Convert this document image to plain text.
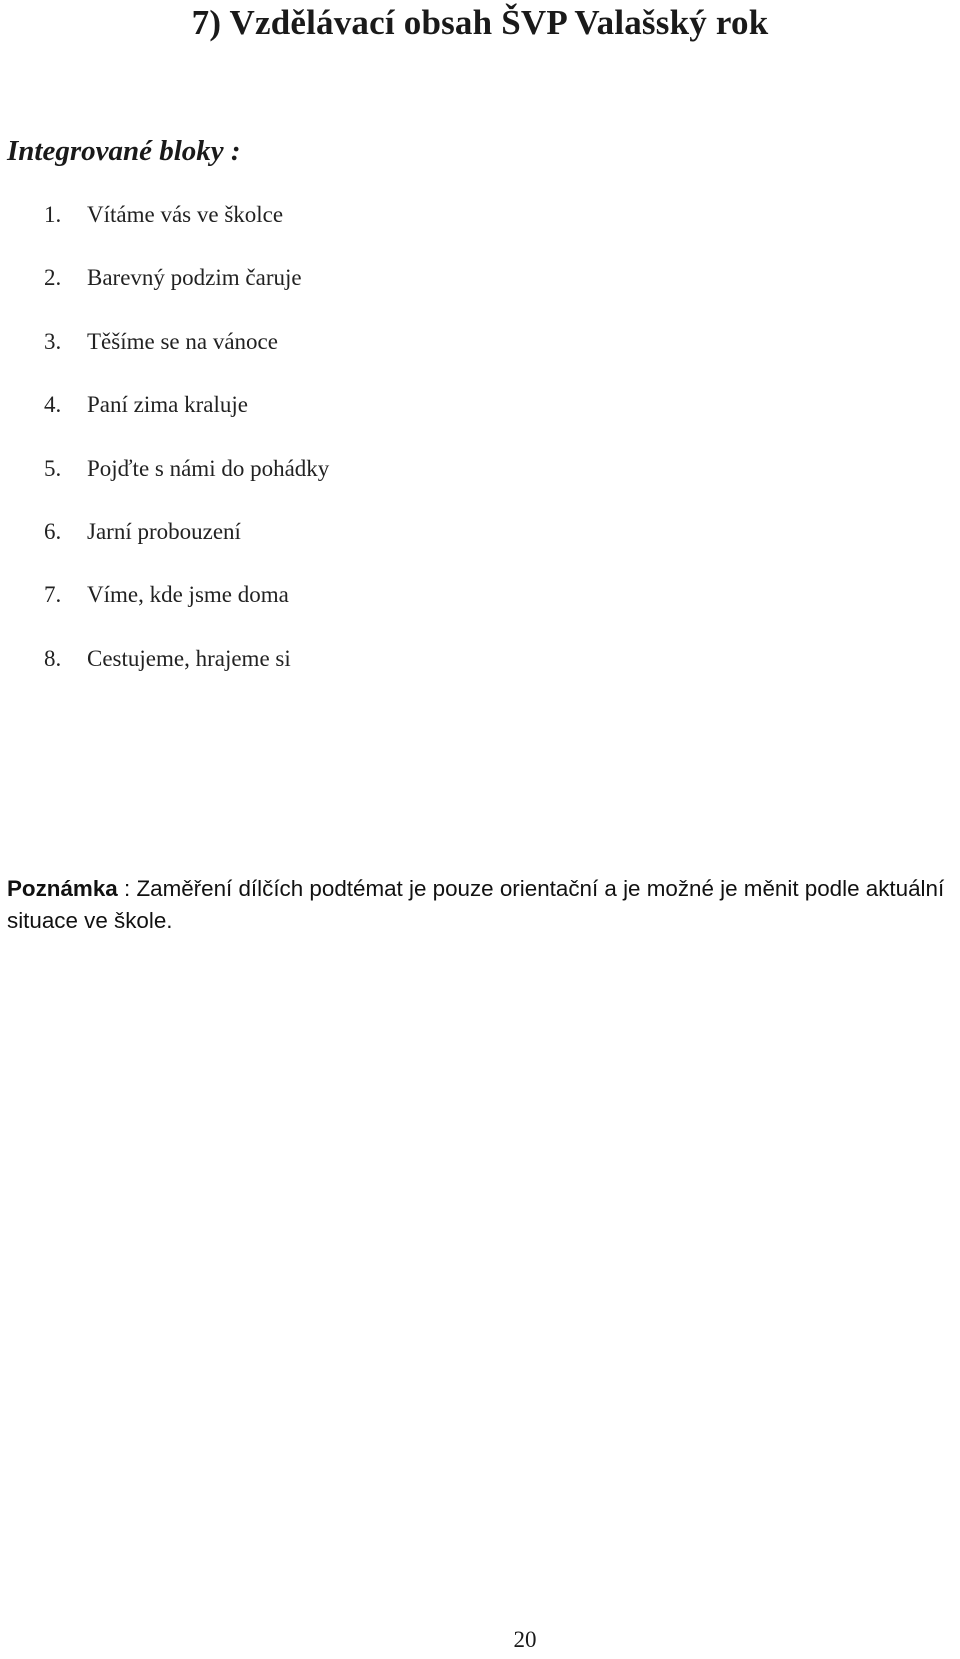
7) Vzdělávací obsah ŠVP Valašský rok
Integrované bloky :
1. Vítáme vás ve školce
2. Barevný podzim čaruje
3. Těšíme se na vánoce
4. Paní zima kraluje
5. Pojďte s námi do pohádky
6. Jarní probouzení
7. Víme, kde jsme doma
8. Cestujeme, hrajeme si

Poznámka : Zaměření dílčích podtémat je pouze orientační a je možné je měnit podle aktuální situace ve škole.

20
